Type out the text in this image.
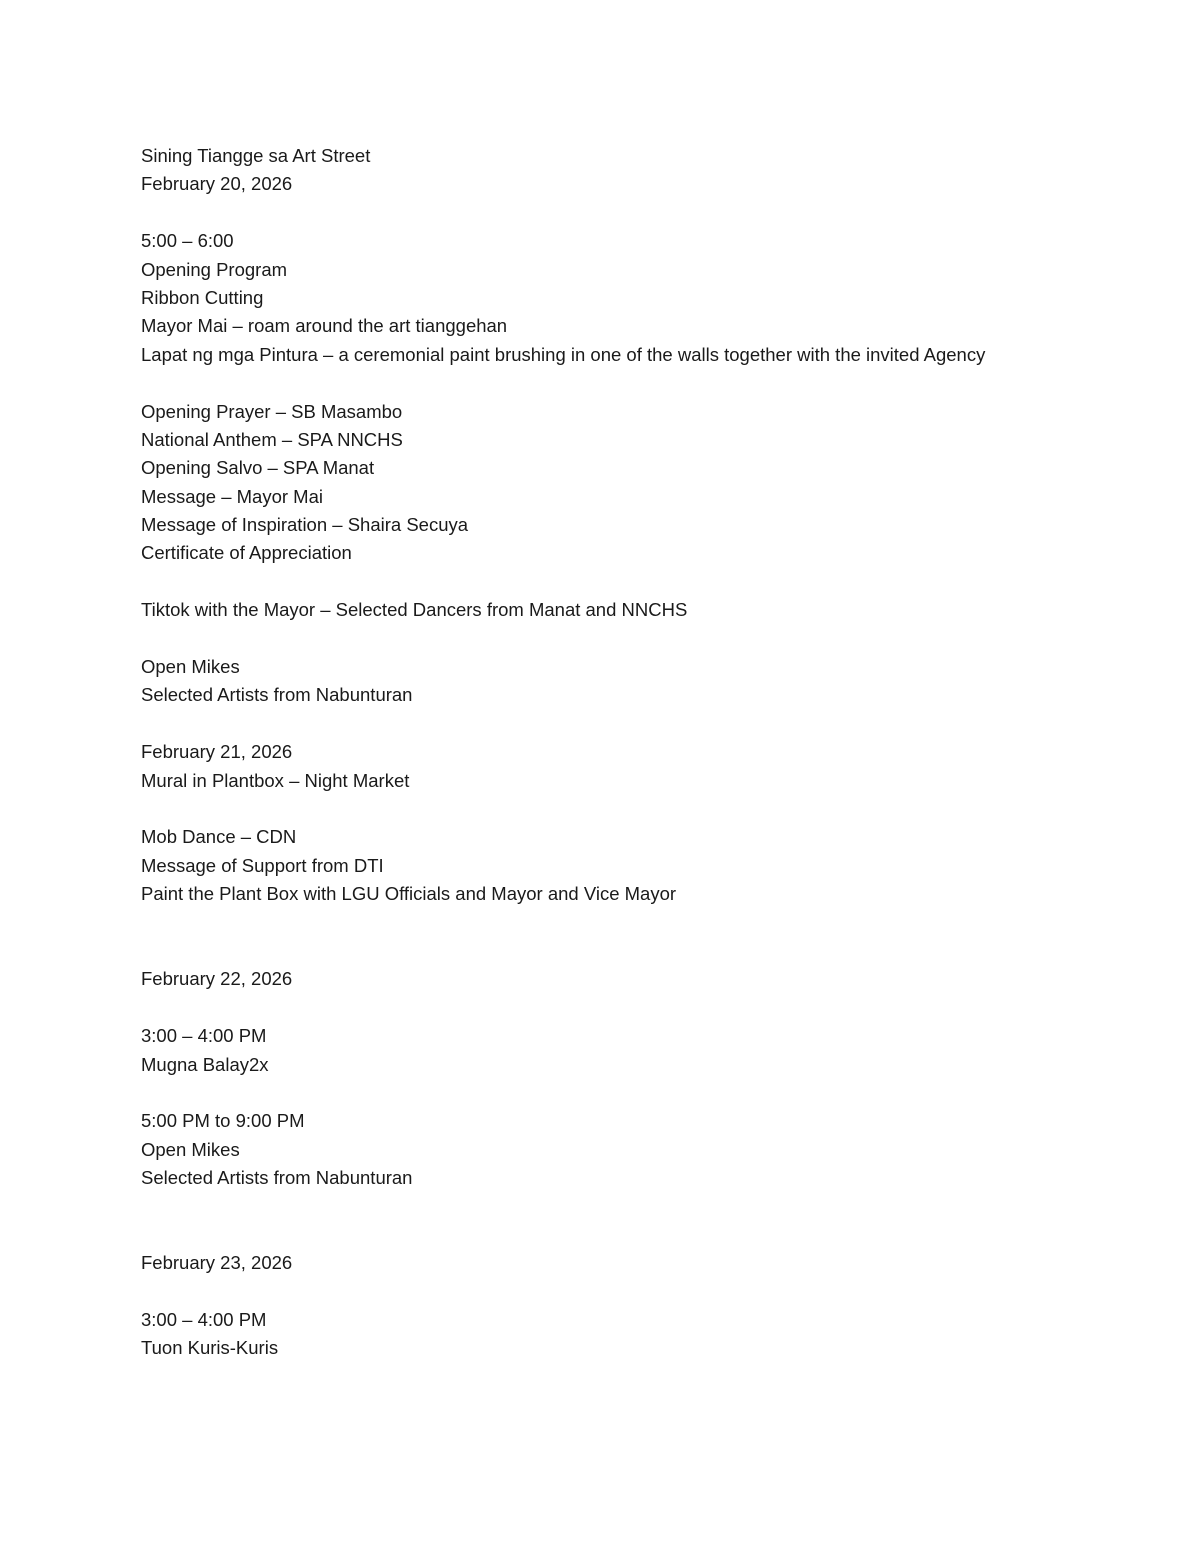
Sining Tiangge sa Art Street
February 20, 2026
5:00 – 6:00
Opening Program
Ribbon Cutting
Mayor Mai – roam around the art tianggehan
Lapat ng mga Pintura – a ceremonial paint brushing in one of the walls together with the invited Agency
Opening Prayer – SB Masambo
National Anthem – SPA NNCHS
Opening Salvo – SPA Manat
Message – Mayor Mai
Message of Inspiration – Shaira Secuya
Certificate of Appreciation
Tiktok with the Mayor – Selected Dancers from Manat and NNCHS
Open Mikes
Selected Artists from Nabunturan
February 21, 2026
Mural in Plantbox – Night Market
Mob Dance – CDN
Message of Support from DTI
Paint the Plant Box with LGU Officials and Mayor and Vice Mayor
February 22, 2026
3:00 – 4:00 PM
Mugna Balay2x
5:00 PM to 9:00 PM
Open Mikes
Selected Artists from Nabunturan
February 23, 2026
3:00 – 4:00 PM
Tuon Kuris-Kuris
